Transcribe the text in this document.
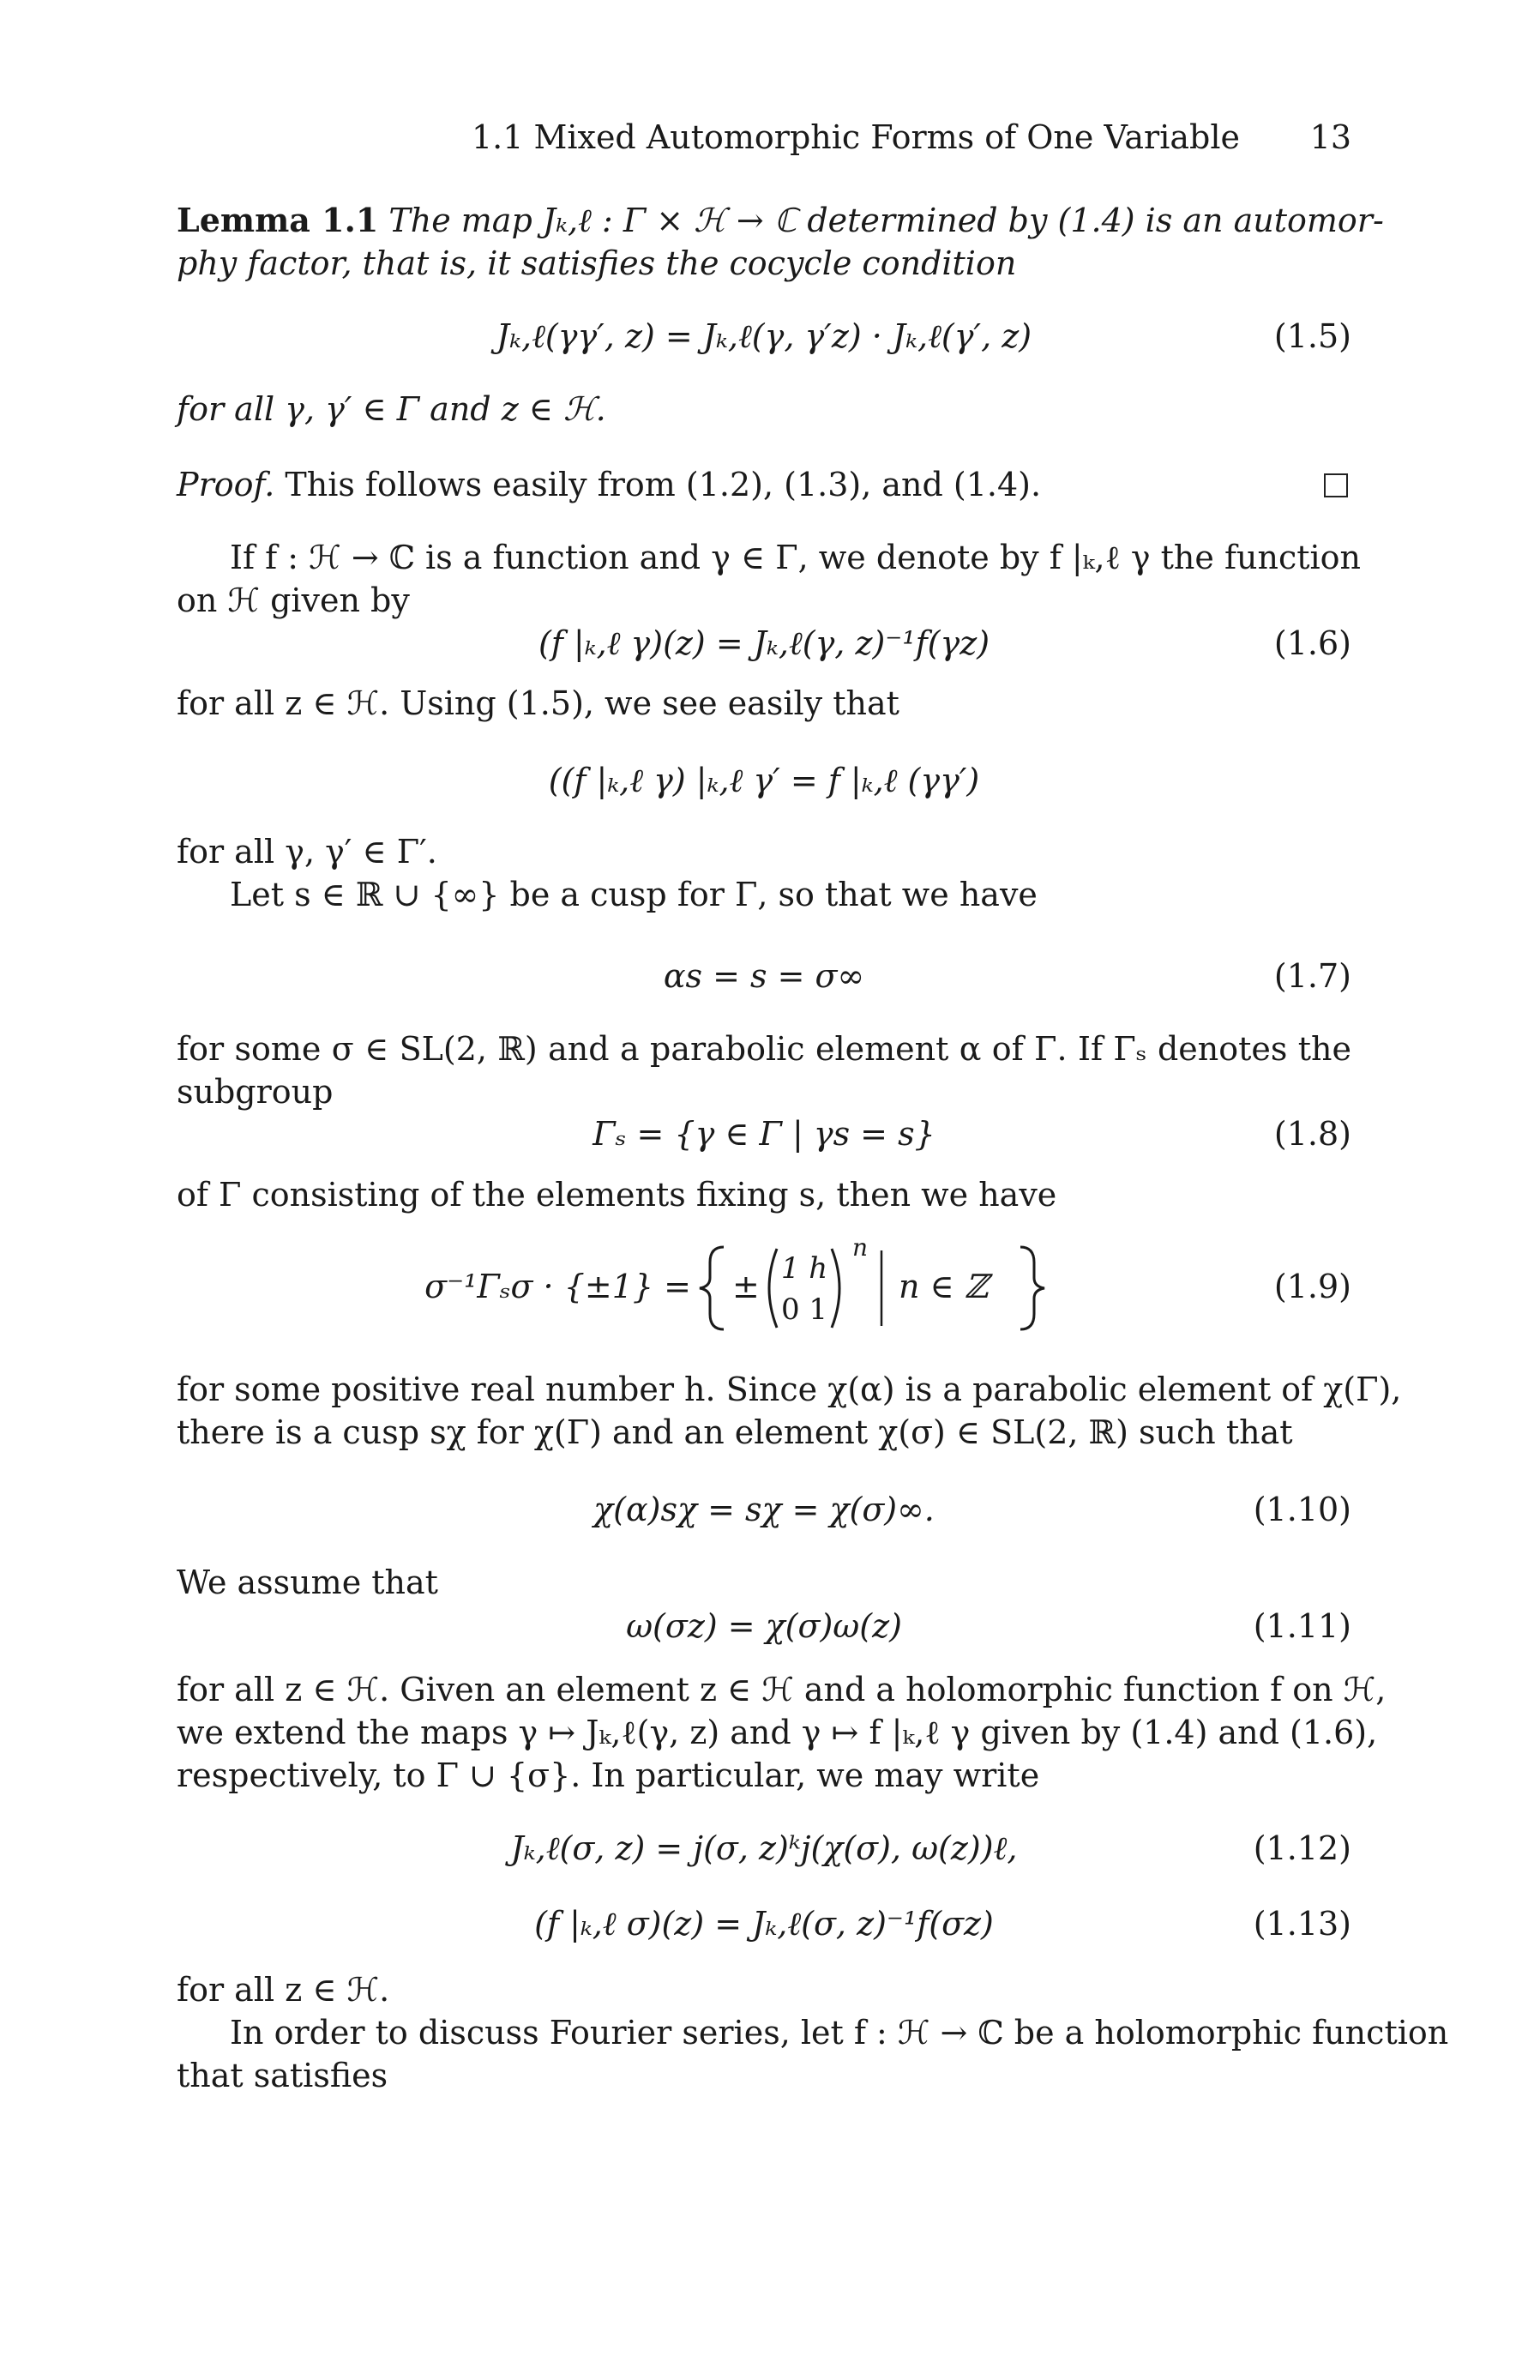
1.1 Mixed Automorphic Forms of One Variable 13
Lemma 1.1 The map Jₖ,ℓ : Γ × ℋ → ℂ determined by (1.4) is an automor-
phy factor, that is, it satisfies the cocycle condition
Jₖ,ℓ(γγ′, z) = Jₖ,ℓ(γ, γ′z) · Jₖ,ℓ(γ′, z)	(1.5)
for all γ, γ′ ∈ Γ and z ∈ ℋ.
Proof. This follows easily from (1.2), (1.3), and (1.4).
If f : ℋ → ℂ is a function and γ ∈ Γ, we denote by f |ₖ,ℓ γ the function
on ℋ given by
(f |ₖ,ℓ γ)(z) = Jₖ,ℓ(γ, z)⁻¹f(γz)	(1.6)
for all z ∈ ℋ. Using (1.5), we see easily that
((f |ₖ,ℓ γ) |ₖ,ℓ γ′ = f |ₖ,ℓ (γγ′)
for all γ, γ′ ∈ Γ′.
Let s ∈ ℝ ∪ {∞} be a cusp for Γ, so that we have
αs = s = σ∞	(1.7)
for some σ ∈ SL(2, ℝ) and a parabolic element α of Γ. If Γₛ denotes the
subgroup
Γₛ = {γ ∈ Γ | γs = s}	(1.8)
of Γ consisting of the elements fixing s, then we have
σ⁻¹Γₛσ · {±1} = ± 1 h
0 1
n
n ∈ ℤ	(1.9)
for some positive real number h. Since χ(α) is a parabolic element of χ(Γ),
there is a cusp sχ for χ(Γ) and an element χ(σ) ∈ SL(2, ℝ) such that
χ(α)sχ = sχ = χ(σ)∞.	(1.10)
We assume that
ω(σz) = χ(σ)ω(z)	(1.11)
for all z ∈ ℋ. Given an element z ∈ ℋ and a holomorphic function f on ℋ,
we extend the maps γ ↦ Jₖ,ℓ(γ, z) and γ ↦ f |ₖ,ℓ γ given by (1.4) and (1.6),
respectively, to Γ ∪ {σ}. In particular, we may write
Jₖ,ℓ(σ, z) = j(σ, z)ᵏj(χ(σ), ω(z))ℓ,	(1.12)
(f |ₖ,ℓ σ)(z) = Jₖ,ℓ(σ, z)⁻¹f(σz)	(1.13)
for all z ∈ ℋ.
In order to discuss Fourier series, let f : ℋ → ℂ be a holomorphic function
that satisfies
